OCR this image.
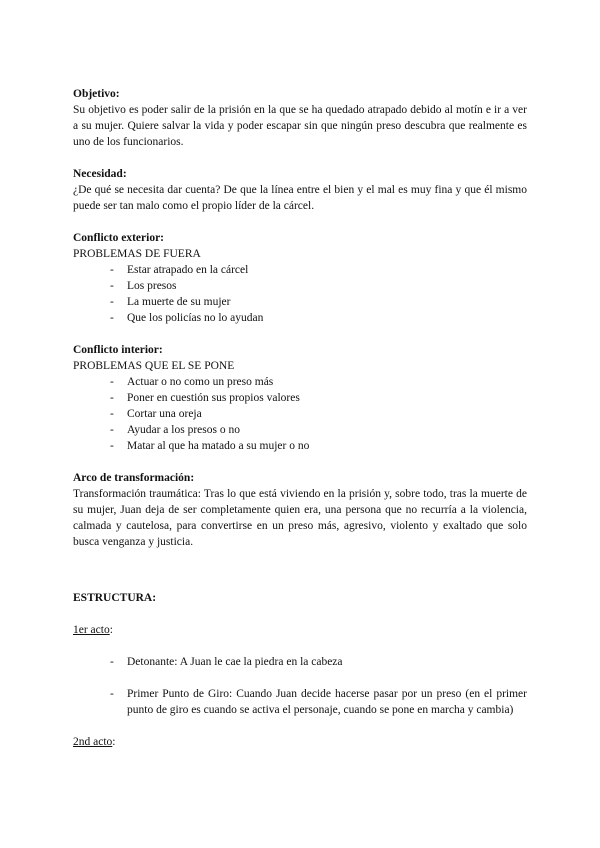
Objetivo:
Su objetivo es poder salir de la prisión en la que se ha quedado atrapado debido al motín e ir a ver a su mujer. Quiere salvar la vida y poder escapar sin que ningún preso descubra que realmente es uno de los funcionarios.
Necesidad:
¿De qué se necesita dar cuenta? De que la línea entre el bien y el mal es muy fina y que él mismo puede ser tan malo como el propio líder de la cárcel.
Conflicto exterior:
PROBLEMAS DE FUERA
- Estar atrapado en la cárcel
- Los presos
- La muerte de su mujer
- Que los policías no lo ayudan
Conflicto interior:
PROBLEMAS QUE EL SE PONE
- Actuar o no como un preso más
- Poner en cuestión sus propios valores
- Cortar una oreja
- Ayudar a los presos o no
- Matar al que ha matado a su mujer o no
Arco de transformación:
Transformación traumática: Tras lo que está viviendo en la prisión y, sobre todo, tras la muerte de su mujer, Juan deja de ser completamente quien era, una persona que no recurría a la violencia, calmada y cautelosa, para convertirse en un preso más, agresivo, violento y exaltado que solo busca venganza y justicia.
ESTRUCTURA:
1er acto:
- Detonante: A Juan le cae la piedra en la cabeza
- Primer Punto de Giro: Cuando Juan decide hacerse pasar por un preso (en el primer punto de giro es cuando se activa el personaje, cuando se pone en marcha y cambia)
2nd acto:
